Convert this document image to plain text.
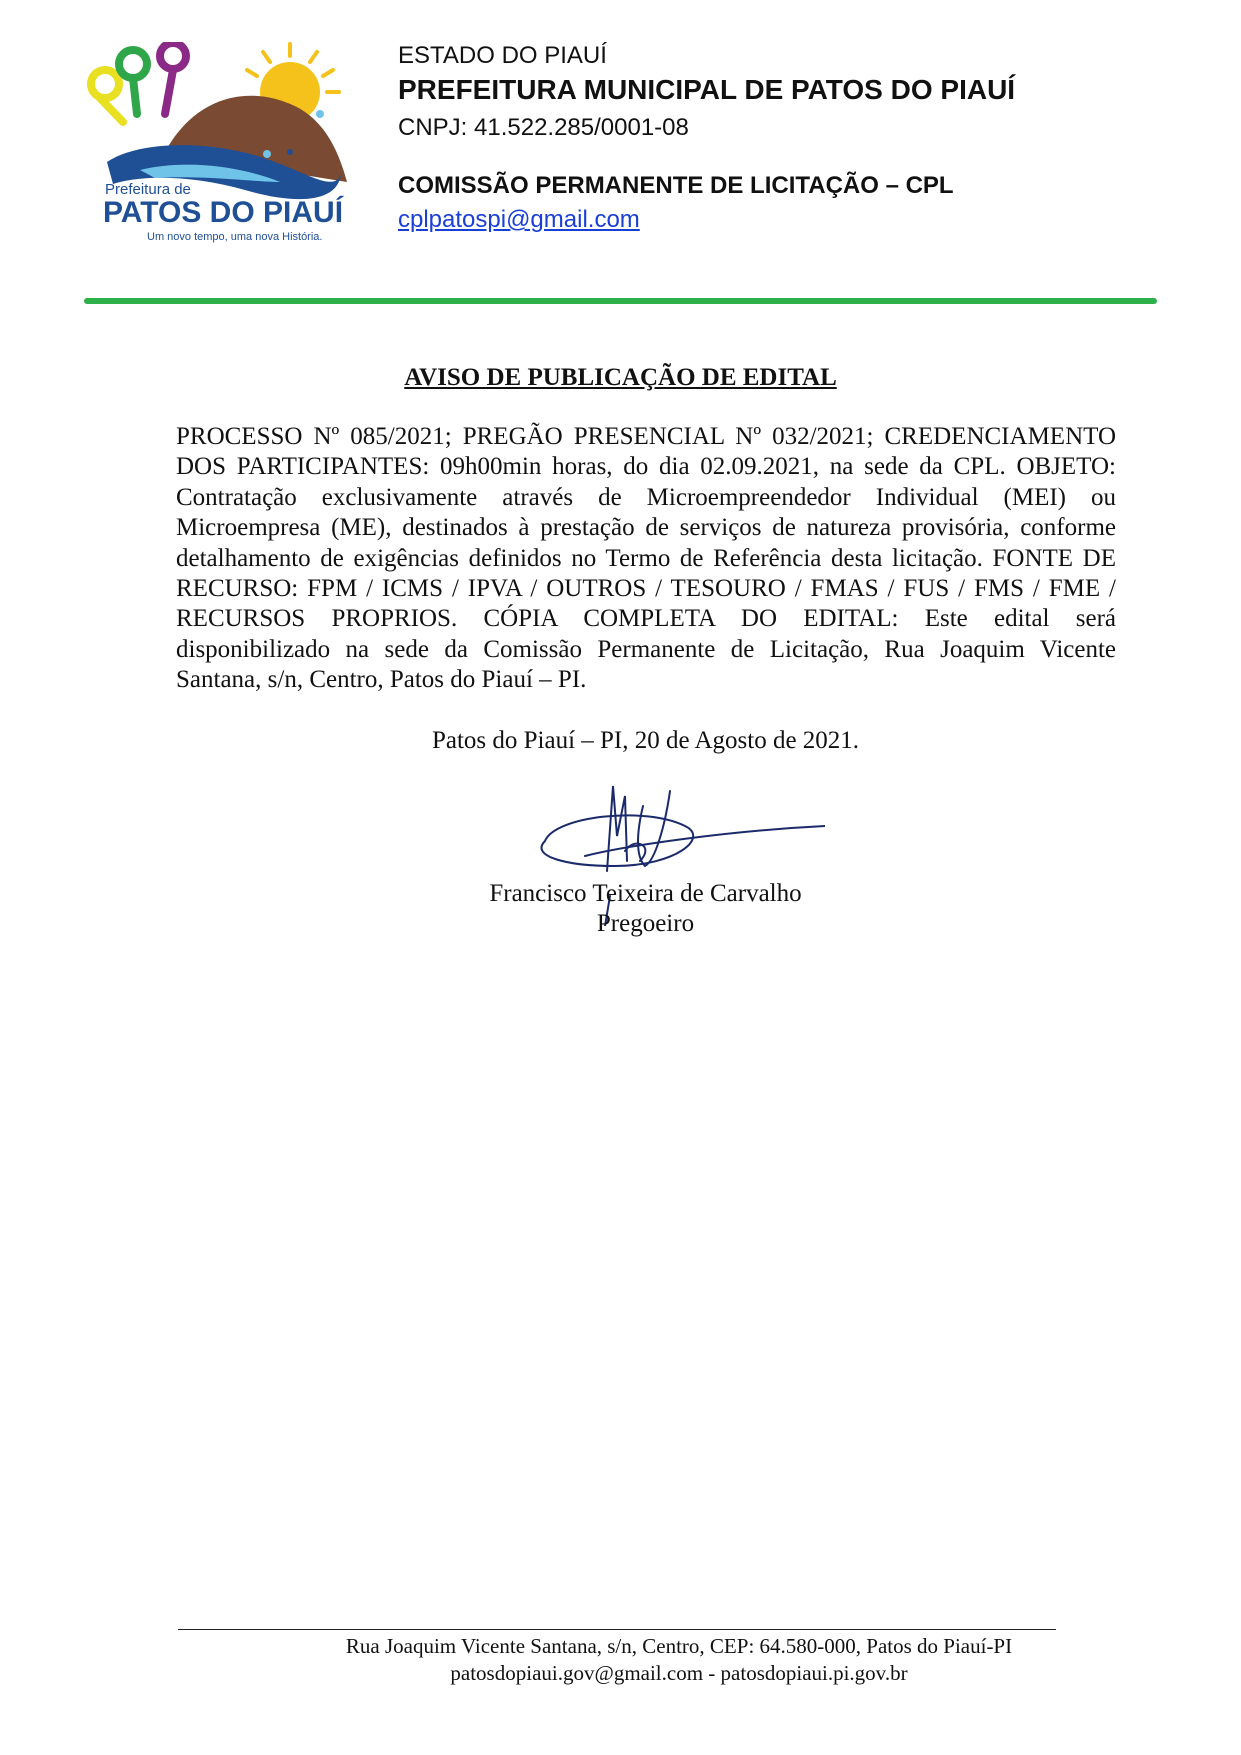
Prefeitura de
PATOS DO PIAUÍ
Um novo tempo, uma nova História.
ESTADO DO PIAUÍ
PREFEITURA MUNICIPAL DE PATOS DO PIAUÍ
CNPJ: 41.522.285/0001-08
COMISSÃO PERMANENTE DE LICITAÇÃO – CPL
cplpatospi@gmail.com
AVISO DE PUBLICAÇÃO DE EDITAL

PROCESSO Nº 085/2021; PREGÃO PRESENCIAL Nº 032/2021; CREDENCIAMENTO DOS PARTICIPANTES: 09h00min horas, do dia 02.09.2021, na sede da CPL. OBJETO: Contratação exclusivamente através de Microempreendedor Individual (MEI) ou Microempresa (ME), destinados à prestação de serviços de natureza provisória, conforme detalhamento de exigências definidos no Termo de Referência desta licitação. FONTE DE RECURSO: FPM / ICMS / IPVA / OUTROS / TESOURO / FMAS / FUS / FMS / FME / RECURSOS PROPRIOS. CÓPIA COMPLETA DO EDITAL: Este edital será disponibilizado na sede da Comissão Permanente de Licitação, Rua Joaquim Vicente Santana, s/n, Centro, Patos do Piauí – PI.

Patos do Piauí – PI, 20 de Agosto de 2021.
Francisco Teixeira de Carvalho
Pregoeiro
Rua Joaquim Vicente Santana, s/n, Centro, CEP: 64.580-000, Patos do Piauí-PI
patosdopiaui.gov@gmail.com - patosdopiaui.pi.gov.br
